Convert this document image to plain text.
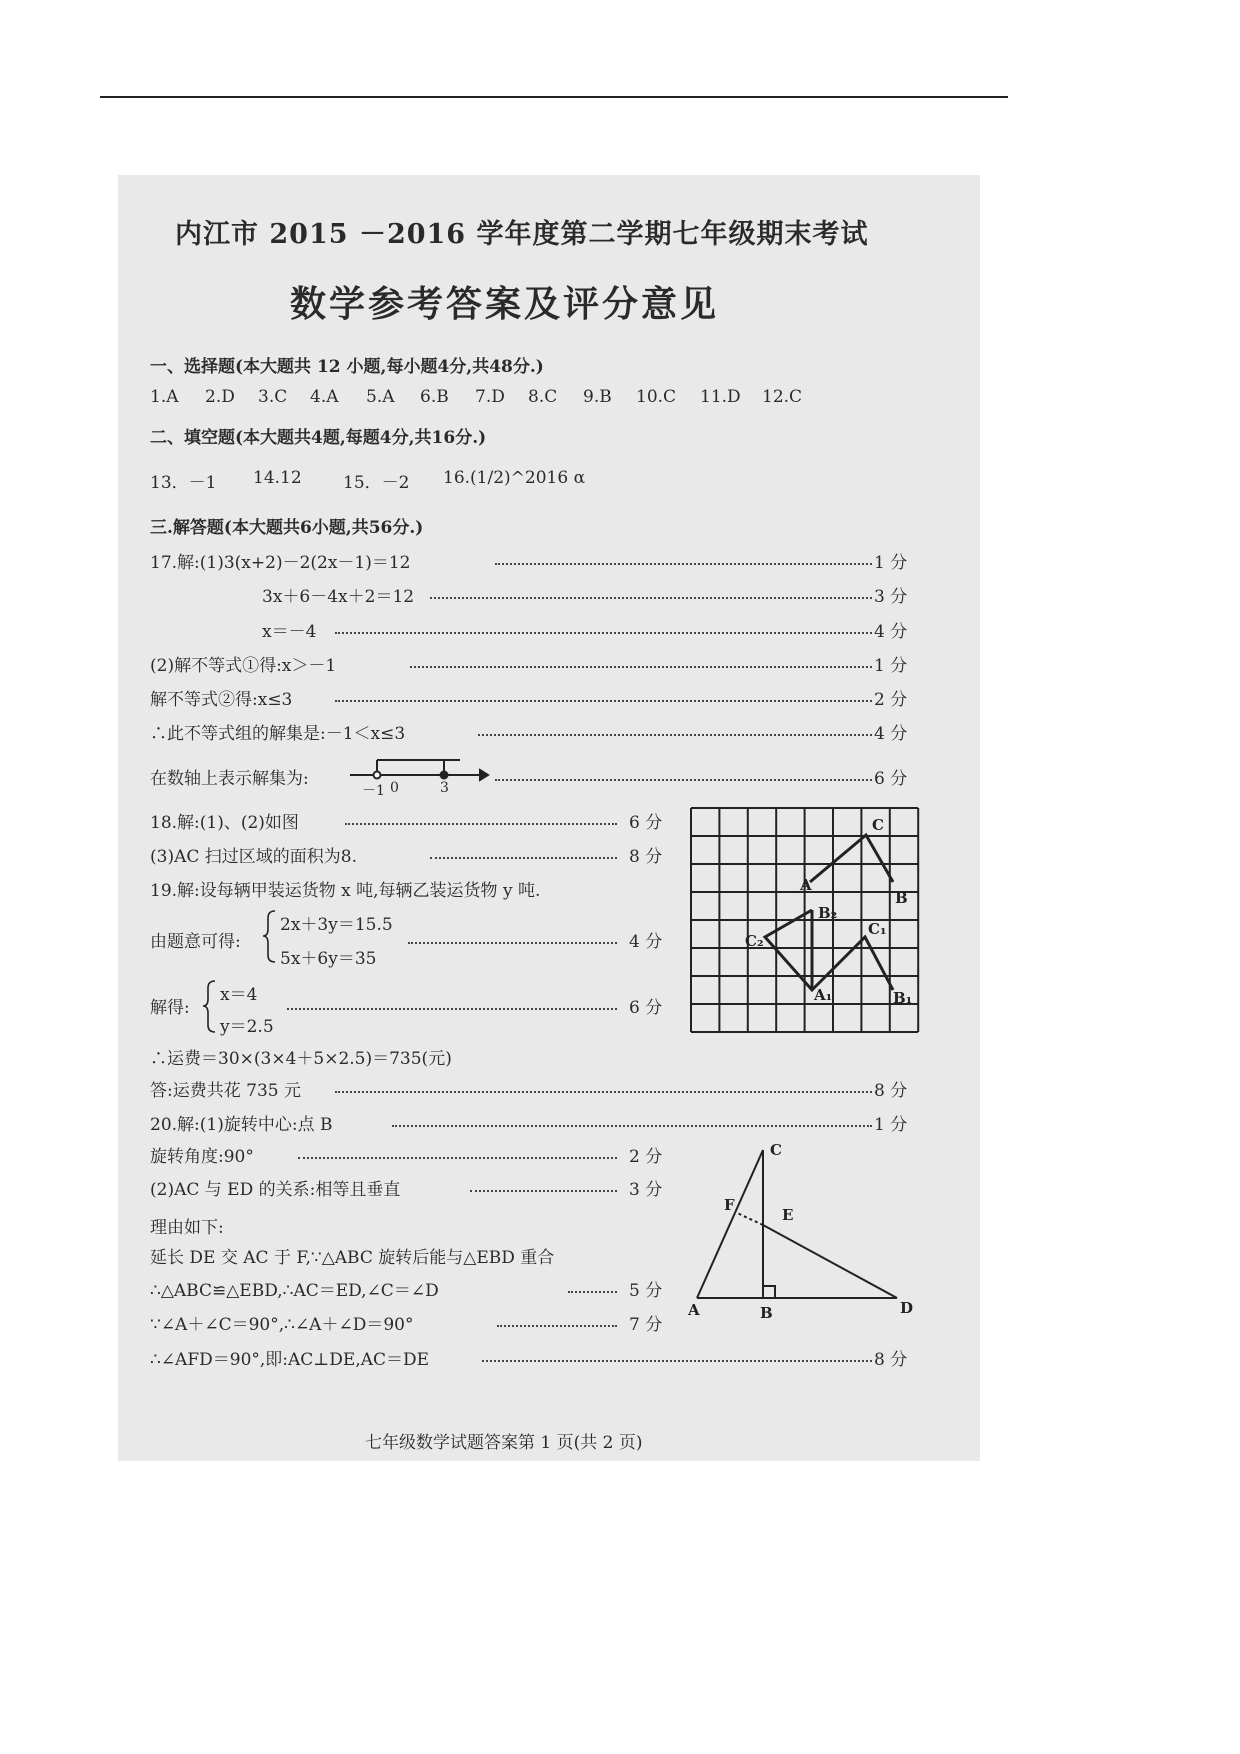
内江市 2015 －2016 学年度第二学期七年级期末考试
数学参考答案及评分意见
一、选择题(本大题共 12 小题,每小题4分,共48分.)
1.A 2.D 3.C 4.A 5.A 6.B 7.D 8.C 9.B 10.C 11.D 12.C
二、填空题(本大题共4题,每题4分,共16分.)
13．－1 14.12 15．－2 16.(1/2)^2016 α
三.解答题(本大题共6小题,共56分.)
17.解:(1)3(x+2)－2(2x－1)＝12	1 分
3x＋6－4x＋2＝12	3 分
x＝－4	4 分
(2)解不等式①得:x＞－1	1 分
解不等式②得:x≤3	2 分
∴此不等式组的解集是:－1＜x≤3	4 分
在数轴上表示解集为:	6 分
18.解:(1)、(2)如图	6 分
(3)AC 扫过区域的面积为8.	8 分
19.解:设每辆甲装运货物 x 吨,每辆乙装运货物 y 吨.
由题意可得:	4 分
解得:	6 分
∴运费＝30×(3×4＋5×2.5)＝735(元)
答:运费共花 735 元	8 分
20.解:(1)旋转中心:点 B	1 分
旋转角度:90°	2 分
(2)AC 与 ED 的关系:相等且垂直	3 分
理由如下:
延长 DE 交 AC 于 F,∵△ABC 旋转后能与△EBD 重合
∴△ABC≌△EBD,∴AC＝ED,∠C＝∠D	5 分
∵∠A＋∠C＝90°,∴∠A＋∠D＝90°	7 分
∴∠AFD＝90°,即:AC⊥DE,AC＝DE	8 分
－1 0	3
2x＋3y＝15.5
5x＋6y＝35
x＝4
y＝2.5
A
B
C
A₁	B₁
C₁
B₂
C₂
A	B
C
D
E
F
七年级数学试题答案第 1 页(共 2 页)
